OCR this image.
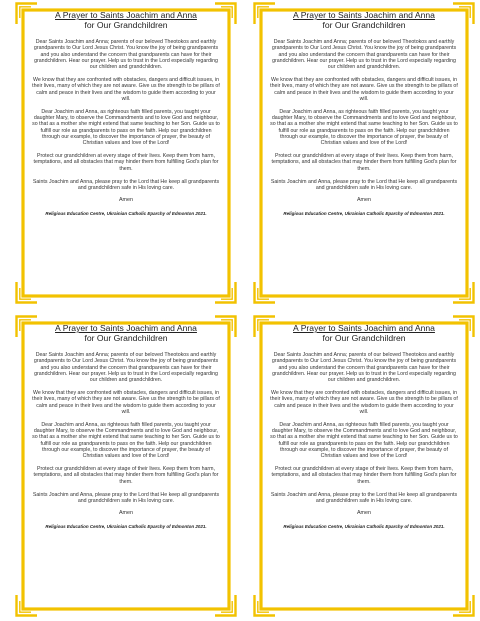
A Prayer to Saints Joachim and Anna
for Our Grandchildren

Dear Saints Joachim and Anna; parents of our beloved Theotokos and earthly grandparents to Our Lord Jesus Christ. You know the joy of being grandparents and you also understand the concern that grandparents can have for their grandchildren. Hear our prayer. Help us to trust in the Lord especially regarding our children and grandchildren.

We know that they are confronted with obstacles, dangers and difficult issues, in their lives, many of which they are not aware. Give us the strength to be pillars of calm and peace in their lives and the wisdom to guide them according to your will.

Dear Joachim and Anna, as righteous faith filled parents, you taught your daughter Mary, to observe the Commandments and to love God and neighbour, so that as a mother she might extend that same teaching to her Son. Guide us to fulfill our role as grandparents to pass on the faith. Help our grandchildren through our example, to discover the importance of prayer, the beauty of Christian values and love of the Lord!

Protect our grandchildren at every stage of their lives. Keep them from harm, temptations, and all obstacles that may hinder them from fulfilling God’s plan for them.

Saints Joachim and Anna, please pray to the Lord that He keep all grandparents and grandchildren safe in His loving care.

Amen
Religious Education Centre, Ukrainian Catholic Eparchy of Edmonton 2021.
A Prayer to Saints Joachim and Anna
for Our Grandchildren

Dear Saints Joachim and Anna; parents of our beloved Theotokos and earthly grandparents to Our Lord Jesus Christ. You know the joy of being grandparents and you also understand the concern that grandparents can have for their grandchildren. Hear our prayer. Help us to trust in the Lord especially regarding our children and grandchildren.

We know that they are confronted with obstacles, dangers and difficult issues, in their lives, many of which they are not aware. Give us the strength to be pillars of calm and peace in their lives and the wisdom to guide them according to your will.

Dear Joachim and Anna, as righteous faith filled parents, you taught your daughter Mary, to observe the Commandments and to love God and neighbour, so that as a mother she might extend that same teaching to her Son. Guide us to fulfill our role as grandparents to pass on the faith. Help our grandchildren through our example, to discover the importance of prayer, the beauty of Christian values and love of the Lord!

Protect our grandchildren at every stage of their lives. Keep them from harm, temptations, and all obstacles that may hinder them from fulfilling God’s plan for them.

Saints Joachim and Anna, please pray to the Lord that He keep all grandparents and grandchildren safe in His loving care.

Amen
Religious Education Centre, Ukrainian Catholic Eparchy of Edmonton 2021.
A Prayer to Saints Joachim and Anna
for Our Grandchildren

Dear Saints Joachim and Anna; parents of our beloved Theotokos and earthly grandparents to Our Lord Jesus Christ. You know the joy of being grandparents and you also understand the concern that grandparents can have for their grandchildren. Hear our prayer. Help us to trust in the Lord especially regarding our children and grandchildren.

We know that they are confronted with obstacles, dangers and difficult issues, in their lives, many of which they are not aware. Give us the strength to be pillars of calm and peace in their lives and the wisdom to guide them according to your will.

Dear Joachim and Anna, as righteous faith filled parents, you taught your daughter Mary, to observe the Commandments and to love God and neighbour, so that as a mother she might extend that same teaching to her Son. Guide us to fulfill our role as grandparents to pass on the faith. Help our grandchildren through our example, to discover the importance of prayer, the beauty of Christian values and love of the Lord!

Protect our grandchildren at every stage of their lives. Keep them from harm, temptations, and all obstacles that may hinder them from fulfilling God’s plan for them.

Saints Joachim and Anna, please pray to the Lord that He keep all grandparents and grandchildren safe in His loving care.

Amen
Religious Education Centre, Ukrainian Catholic Eparchy of Edmonton 2021.
A Prayer to Saints Joachim and Anna
for Our Grandchildren

Dear Saints Joachim and Anna; parents of our beloved Theotokos and earthly grandparents to Our Lord Jesus Christ. You know the joy of being grandparents and you also understand the concern that grandparents can have for their grandchildren. Hear our prayer. Help us to trust in the Lord especially regarding our children and grandchildren.

We know that they are confronted with obstacles, dangers and difficult issues, in their lives, many of which they are not aware. Give us the strength to be pillars of calm and peace in their lives and the wisdom to guide them according to your will.

Dear Joachim and Anna, as righteous faith filled parents, you taught your daughter Mary, to observe the Commandments and to love God and neighbour, so that as a mother she might extend that same teaching to her Son. Guide us to fulfill our role as grandparents to pass on the faith. Help our grandchildren through our example, to discover the importance of prayer, the beauty of Christian values and love of the Lord!

Protect our grandchildren at every stage of their lives. Keep them from harm, temptations, and all obstacles that may hinder them from fulfilling God’s plan for them.

Saints Joachim and Anna, please pray to the Lord that He keep all grandparents and grandchildren safe in His loving care.

Amen
Religious Education Centre, Ukrainian Catholic Eparchy of Edmonton 2021.
